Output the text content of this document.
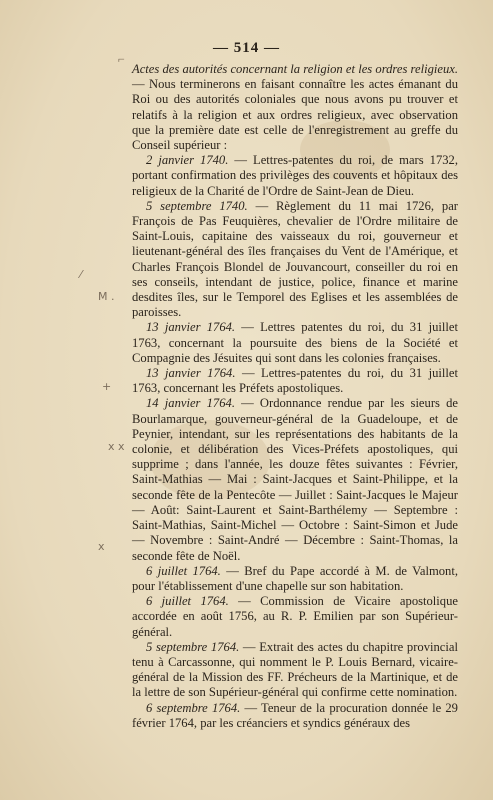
⌐
— 514 —
⁄
M .
+
x x
x

Actes des autorités concernant la religion et les ordres religieux. — Nous terminerons en faisant connaître les actes émanant du Roi ou des autorités coloniales que nous avons pu trouver et relatifs à la religion et aux ordres religieux, avec observation que la première date est celle de l'enregistrement au greffe du Conseil supérieur :

2 janvier 1740. — Lettres-patentes du roi, de mars 1732, portant confirmation des privilèges des couvents et hôpitaux des religieux de la Charité de l'Ordre de Saint-Jean de Dieu.

5 septembre 1740. — Règlement du 11 mai 1726, par François de Pas Feuquières, chevalier de l'Ordre militaire de Saint-Louis, capitaine des vaisseaux du roi, gouverneur et lieutenant-général des îles françaises du Vent de l'Amérique, et Charles François Blondel de Jouvancourt, conseiller du roi en ses conseils, intendant de justice, police, finance et marine desdites îles, sur le Temporel des Eglises et les assemblées de paroisses.

13 janvier 1764. — Lettres patentes du roi, du 31 juillet 1763, concernant la poursuite des biens de la Société et Compagnie des Jésuites qui sont dans les colonies françaises.

13 janvier 1764. — Lettres-patentes du roi, du 31 juillet 1763, concernant les Préfets apostoliques.

14 janvier 1764. — Ordonnance rendue par les sieurs de Bourlamarque, gouverneur-général de la Guadeloupe, et de Peynier, intendant, sur les représentations des habitants de la colonie, et délibération des Vices-Préfets apostoliques, qui supprime ; dans l'année, les douze fêtes suivantes : Février, Saint-Mathias — Mai : Saint-Jacques et Saint-Philippe, et la seconde fête de la Pentecôte — Juillet : Saint-Jacques le Majeur — Août: Saint-Laurent et Saint-Barthélemy — Septembre : Saint-Mathias, Saint-Michel — Octobre : Saint-Simon et Jude — Novembre : Saint-André — Décembre : Saint-Thomas, la seconde fête de Noël.

6 juillet 1764. — Bref du Pape accordé à M. de Valmont, pour l'établissement d'une chapelle sur son habitation.

6 juillet 1764. — Commission de Vicaire apostolique accordée en août 1756, au R. P. Emilien par son Supérieur-général.

5 septembre 1764. — Extrait des actes du chapitre provincial tenu à Carcassonne, qui nomment le P. Louis Bernard, vicaire-général de la Mission des FF. Précheurs de la Martinique, et de la lettre de son Supérieur-général qui confirme cette nomination.

6 septembre 1764. — Teneur de la procuration donnée le 29 février 1764, par les créanciers et syndics généraux des
